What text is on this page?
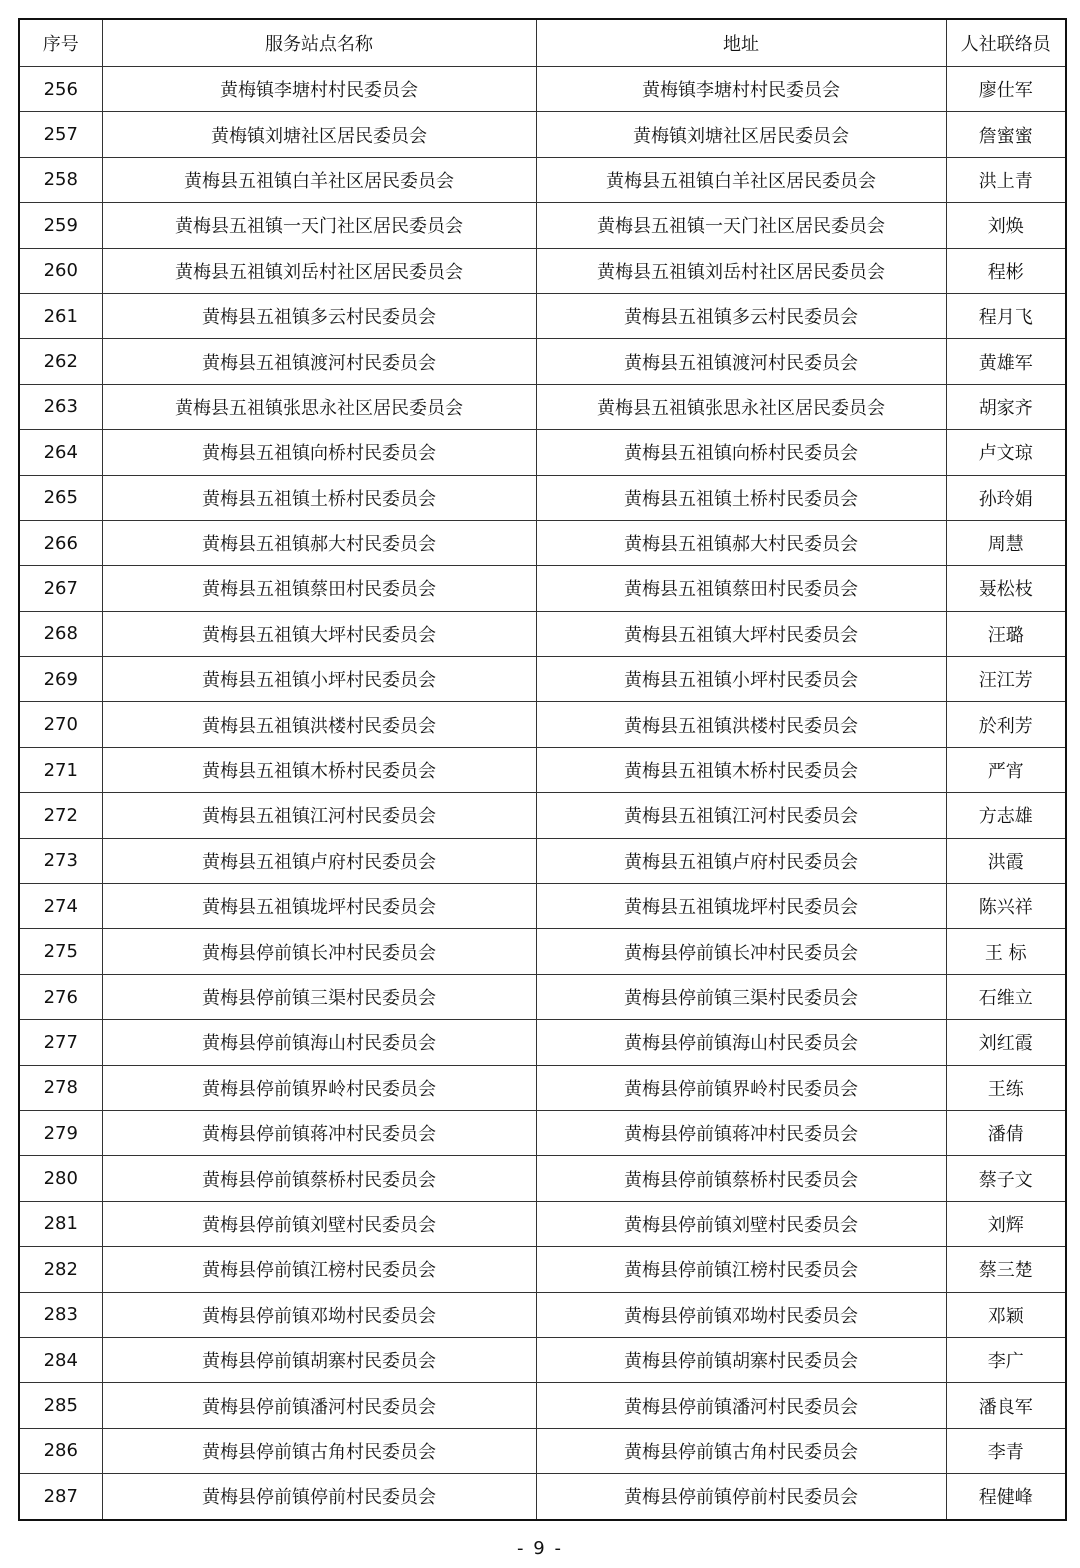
序号	服务站点名称	地址	人社联络员
256	黄梅镇李塘村村民委员会	黄梅镇李塘村村民委员会	廖仕军
257	黄梅镇刘塘社区居民委员会	黄梅镇刘塘社区居民委员会	詹蜜蜜
258	黄梅县五祖镇白羊社区居民委员会	黄梅县五祖镇白羊社区居民委员会	洪上青
259	黄梅县五祖镇一天门社区居民委员会	黄梅县五祖镇一天门社区居民委员会	刘焕
260	黄梅县五祖镇刘岳村社区居民委员会	黄梅县五祖镇刘岳村社区居民委员会	程彬
261	黄梅县五祖镇多云村民委员会	黄梅县五祖镇多云村民委员会	程月飞
262	黄梅县五祖镇渡河村民委员会	黄梅县五祖镇渡河村民委员会	黄雄军
263	黄梅县五祖镇张思永社区居民委员会	黄梅县五祖镇张思永社区居民委员会	胡家齐
264	黄梅县五祖镇向桥村民委员会	黄梅县五祖镇向桥村民委员会	卢文琼
265	黄梅县五祖镇土桥村民委员会	黄梅县五祖镇土桥村民委员会	孙玲娟
266	黄梅县五祖镇郝大村民委员会	黄梅县五祖镇郝大村民委员会	周慧
267	黄梅县五祖镇蔡田村民委员会	黄梅县五祖镇蔡田村民委员会	聂松枝
268	黄梅县五祖镇大坪村民委员会	黄梅县五祖镇大坪村民委员会	汪璐
269	黄梅县五祖镇小坪村民委员会	黄梅县五祖镇小坪村民委员会	汪江芳
270	黄梅县五祖镇洪楼村民委员会	黄梅县五祖镇洪楼村民委员会	於利芳
271	黄梅县五祖镇木桥村民委员会	黄梅县五祖镇木桥村民委员会	严宵
272	黄梅县五祖镇江河村民委员会	黄梅县五祖镇江河村民委员会	方志雄
273	黄梅县五祖镇卢府村民委员会	黄梅县五祖镇卢府村民委员会	洪霞
274	黄梅县五祖镇垅坪村民委员会	黄梅县五祖镇垅坪村民委员会	陈兴祥
275	黄梅县停前镇长冲村民委员会	黄梅县停前镇长冲村民委员会	王 标
276	黄梅县停前镇三渠村民委员会	黄梅县停前镇三渠村民委员会	石维立
277	黄梅县停前镇海山村民委员会	黄梅县停前镇海山村民委员会	刘红霞
278	黄梅县停前镇界岭村民委员会	黄梅县停前镇界岭村民委员会	王练
279	黄梅县停前镇蒋冲村民委员会	黄梅县停前镇蒋冲村民委员会	潘倩
280	黄梅县停前镇蔡桥村民委员会	黄梅县停前镇蔡桥村民委员会	蔡子文
281	黄梅县停前镇刘壁村民委员会	黄梅县停前镇刘壁村民委员会	刘辉
282	黄梅县停前镇江榜村民委员会	黄梅县停前镇江榜村民委员会	蔡三楚
283	黄梅县停前镇邓坳村民委员会	黄梅县停前镇邓坳村民委员会	邓颖
284	黄梅县停前镇胡寨村民委员会	黄梅县停前镇胡寨村民委员会	李广
285	黄梅县停前镇潘河村民委员会	黄梅县停前镇潘河村民委员会	潘良军
286	黄梅县停前镇古角村民委员会	黄梅县停前镇古角村民委员会	李青
287	黄梅县停前镇停前村民委员会	黄梅县停前镇停前村民委员会	程健峰
- 9 -
